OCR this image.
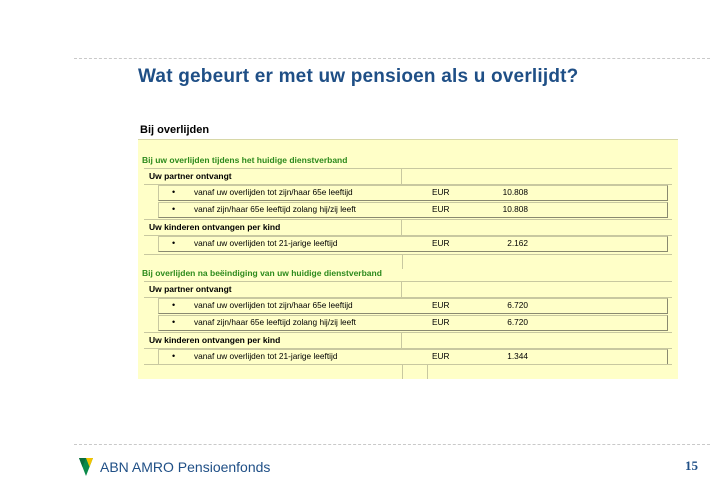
Wat gebeurt er met uw pensioen als u overlijdt?
Bij overlijden
Bij uw overlijden tijdens het huidige dienstverband
Uw partner ontvangt
• vanaf uw overlijden tot zijn/haar 65e leeftijd	EUR	10.808
• vanaf zijn/haar 65e leeftijd zolang hij/zij leeft	EUR	10.808
Uw kinderen ontvangen per kind
• vanaf uw overlijden tot 21-jarige leeftijd	EUR	2.162
Bij overlijden na beëindiging van uw huidige dienstverband
Uw partner ontvangt
• vanaf uw overlijden tot zijn/haar 65e leeftijd	EUR	6.720
• vanaf zijn/haar 65e leeftijd zolang hij/zij leeft	EUR	6.720
Uw kinderen ontvangen per kind
• vanaf uw overlijden tot 21-jarige leeftijd	EUR	1.344
ABN AMRO Pensioenfonds	15
